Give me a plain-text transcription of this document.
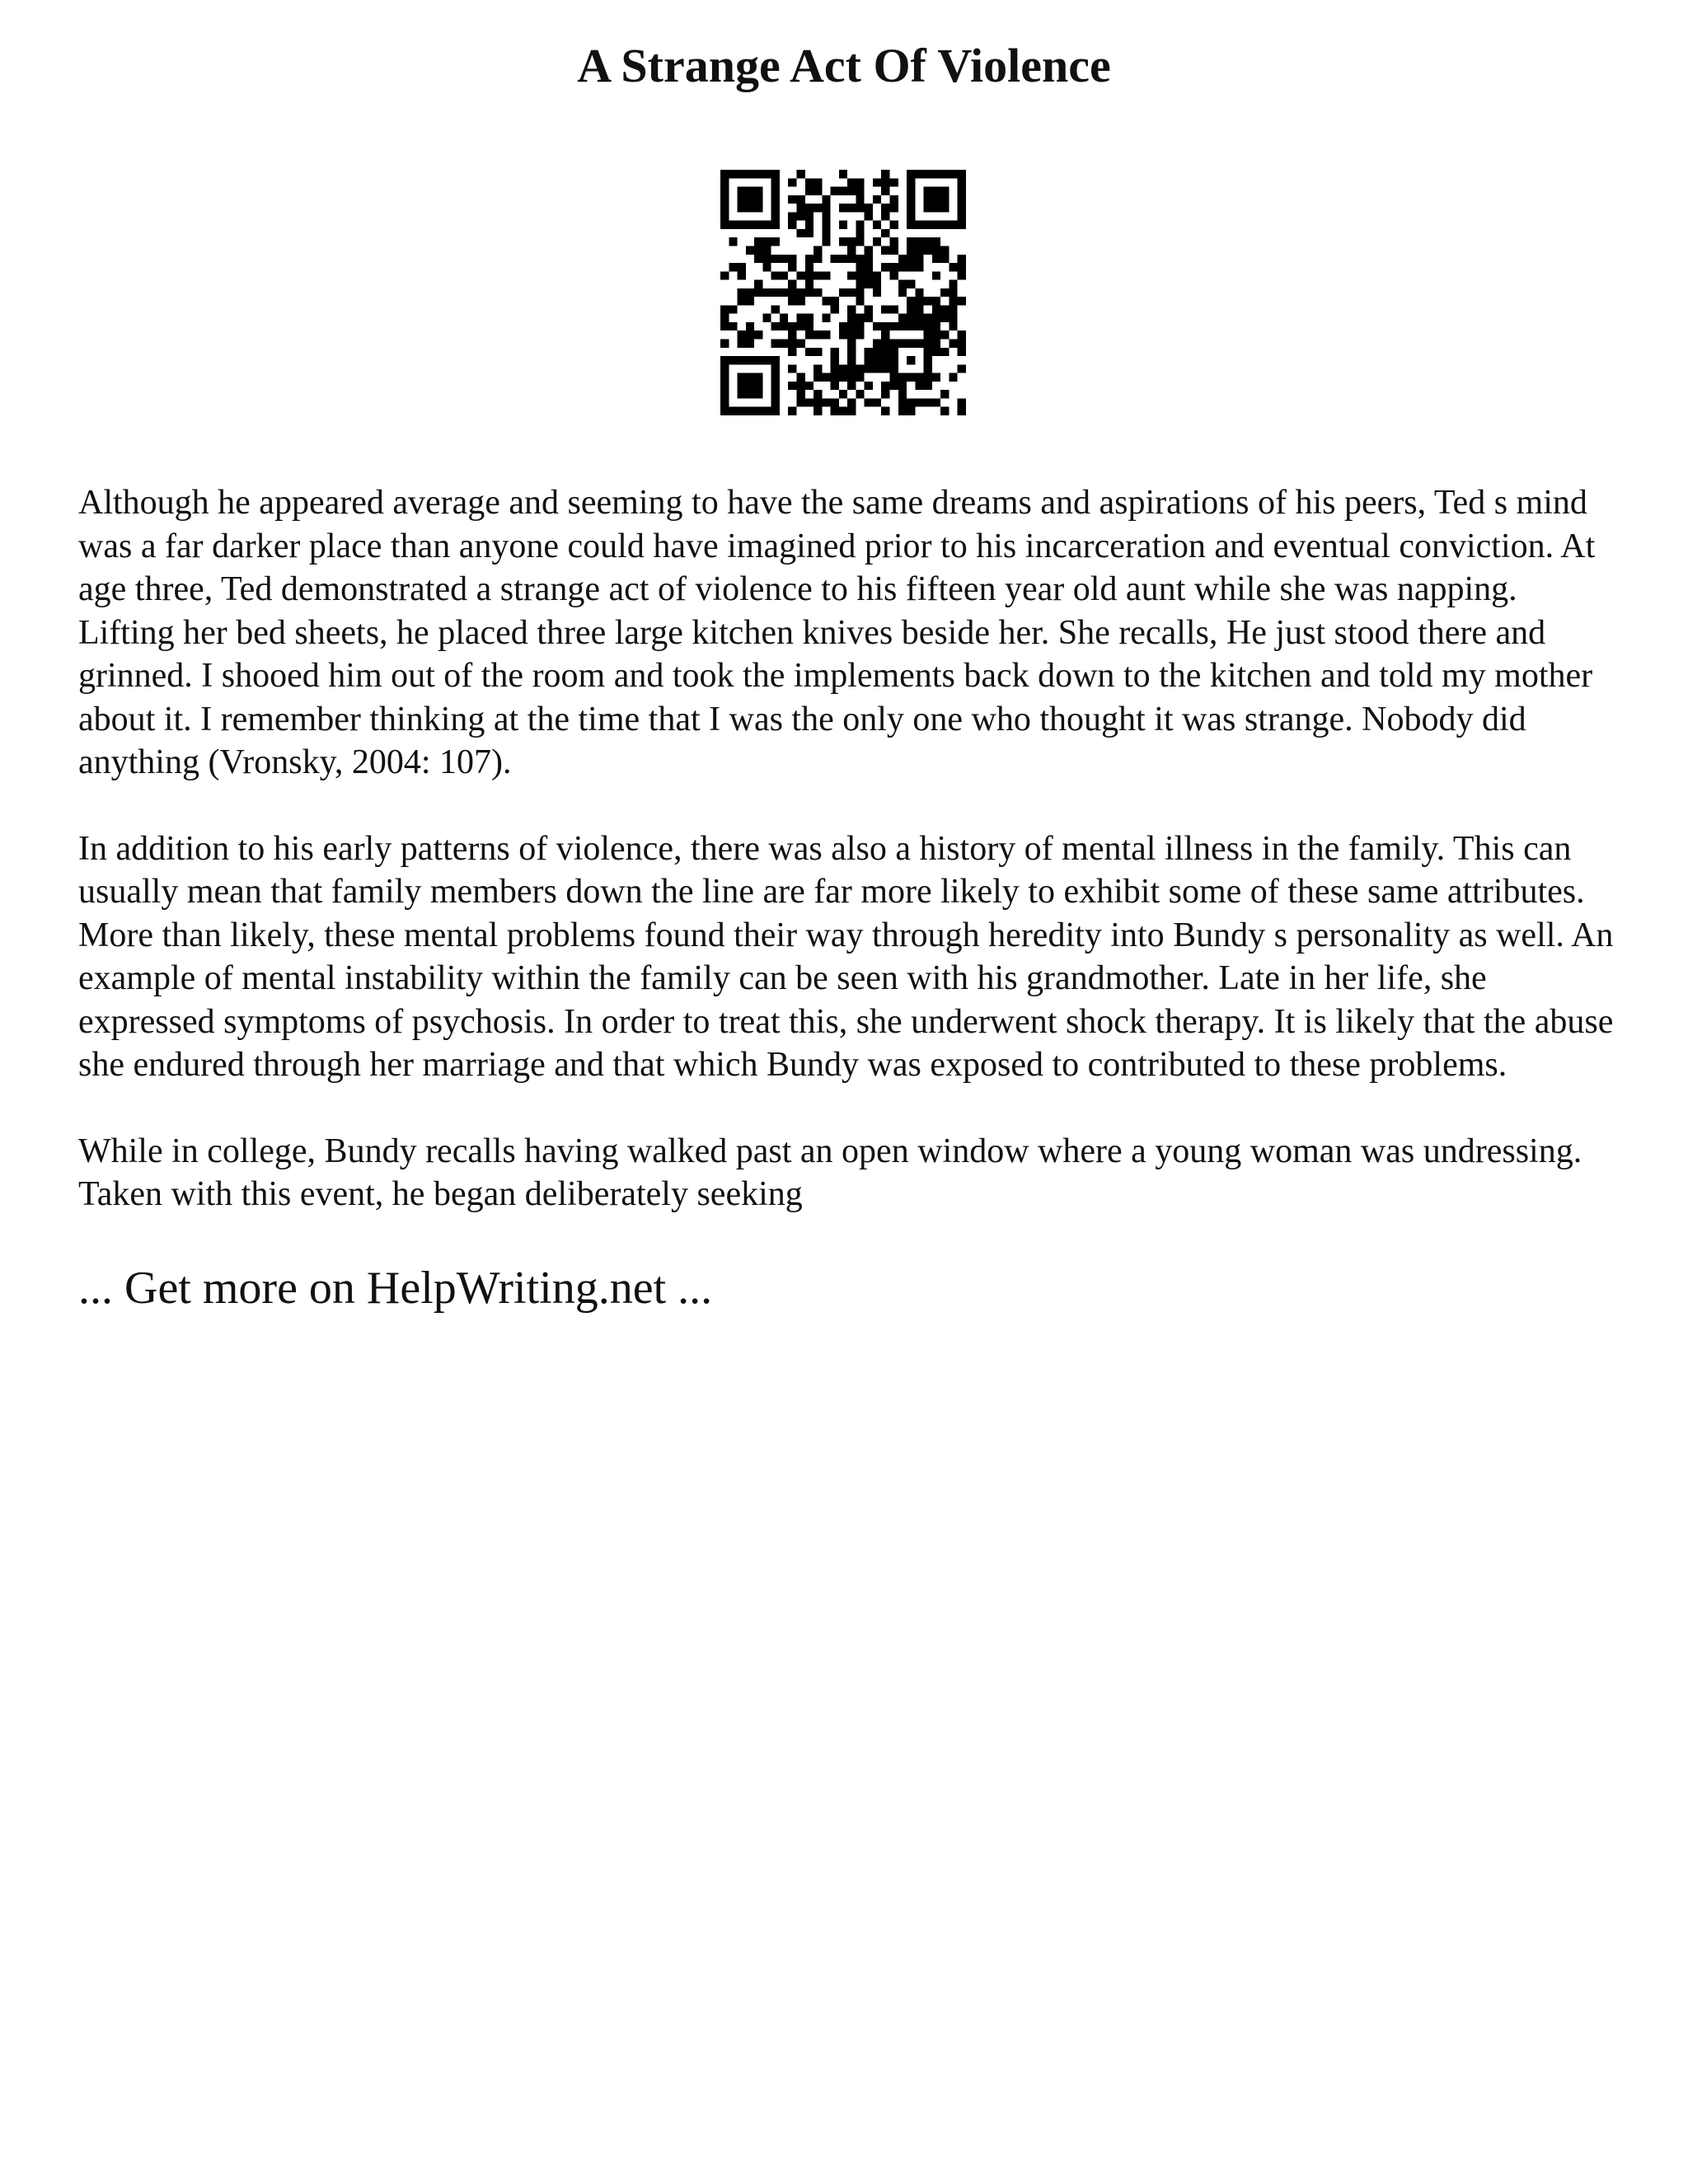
A Strange Act Of Violence

Although he appeared average and seeming to have the same dreams and aspirations of his peers, Ted s mind was a far darker place than anyone could have imagined prior to his incarceration and eventual conviction. At age three, Ted demonstrated a strange act of violence to his fifteen year old aunt while she was napping. Lifting her bed sheets, he placed three large kitchen knives beside her. She recalls, He just stood there and grinned. I shooed him out of the room and took the implements back down to the kitchen and told my mother about it. I remember thinking at the time that I was the only one who thought it was strange. Nobody did anything (Vronsky, 2004: 107).

In addition to his early patterns of violence, there was also a history of mental illness in the family. This can usually mean that family members down the line are far more likely to exhibit some of these same attributes. More than likely, these mental problems found their way through heredity into Bundy s personality as well. An example of mental instability within the family can be seen with his grandmother. Late in her life, she expressed symptoms of psychosis. In order to treat this, she underwent shock therapy. It is likely that the abuse she endured through her marriage and that which Bundy was exposed to contributed to these problems.

While in college, Bundy recalls having walked past an open window where a young woman was undressing. Taken with this event, he began deliberately seeking

... Get more on HelpWriting.net ...
